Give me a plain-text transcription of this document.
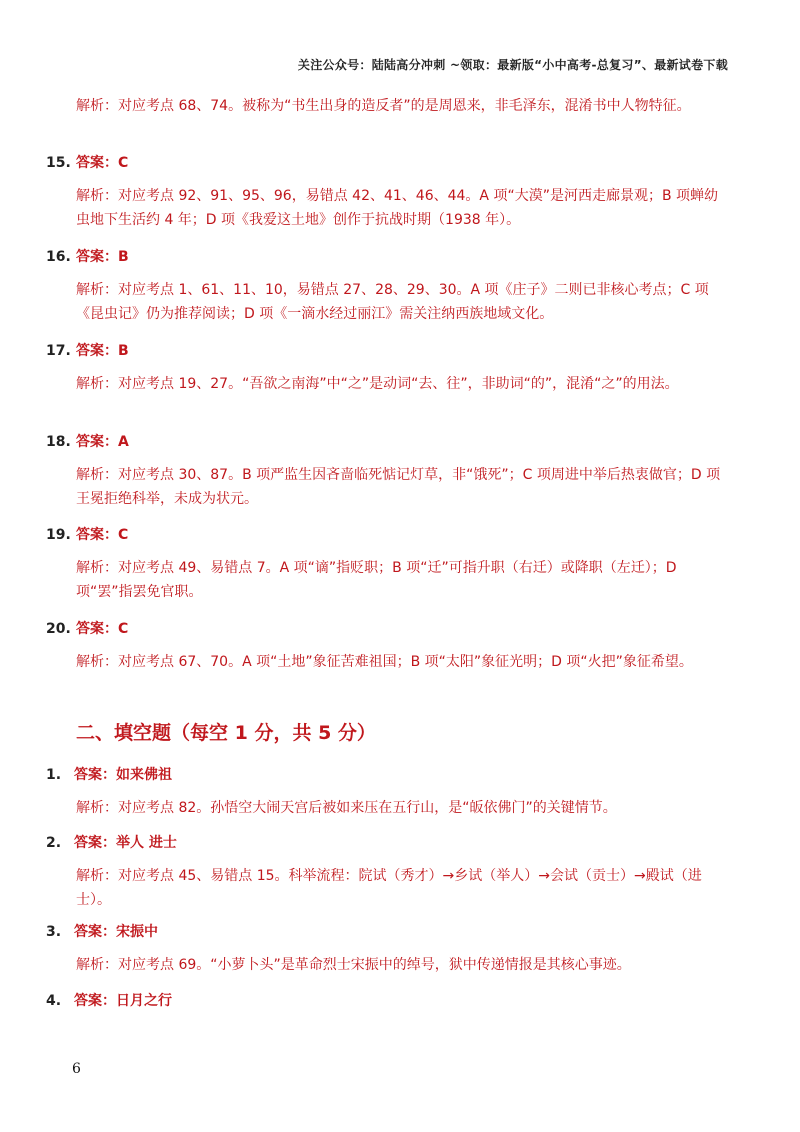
关注公众号：陆陆高分冲刺 ~领取：最新版“小中高考-总复习”、最新试卷下载
解析：对应考点 68、74。被称为“书生出身的造反者”的是周恩来，非毛泽东，混淆书中人物特征。
15. 答案：C
解析：对应考点 92、91、95、96，易错点 42、41、46、44。A 项“大漠”是河西走廊景观；B 项蝉幼虫地下生活约 4 年；D 项《我爱这土地》创作于抗战时期（1938 年）。
16. 答案：B
解析：对应考点 1、61、11、10，易错点 27、28、29、30。A 项《庄子》二则已非核心考点；C 项《昆虫记》仍为推荐阅读；D 项《一滴水经过丽江》需关注纳西族地域文化。
17. 答案：B
解析：对应考点 19、27。“吾欲之南海”中“之”是动词“去、往”，非助词“的”，混淆“之”的用法。
18. 答案：A
解析：对应考点 30、87。B 项严监生因吝啬临死惦记灯草，非“饿死”；C 项周进中举后热衷做官；D 项王冕拒绝科举，未成为状元。
19. 答案：C
解析：对应考点 49、易错点 7。A 项“谪”指贬职；B 项“迁”可指升职（右迁）或降职（左迁）；D 项“罢”指罢免官职。
20. 答案：C
解析：对应考点 67、70。A 项“土地”象征苦难祖国；B 项“太阳”象征光明；D 项“火把”象征希望。
二、填空题（每空 1 分，共 5 分）
1. 答案：如来佛祖
解析：对应考点 82。孙悟空大闹天宫后被如来压在五行山，是“皈依佛门”的关键情节。
2. 答案：举人 进士
解析：对应考点 45、易错点 15。科举流程：院试（秀才）→乡试（举人）→会试（贡士）→殿试（进士）。
3. 答案：宋振中
解析：对应考点 69。“小萝卜头”是革命烈士宋振中的绰号，狱中传递情报是其核心事迹。
4. 答案：日月之行
6
